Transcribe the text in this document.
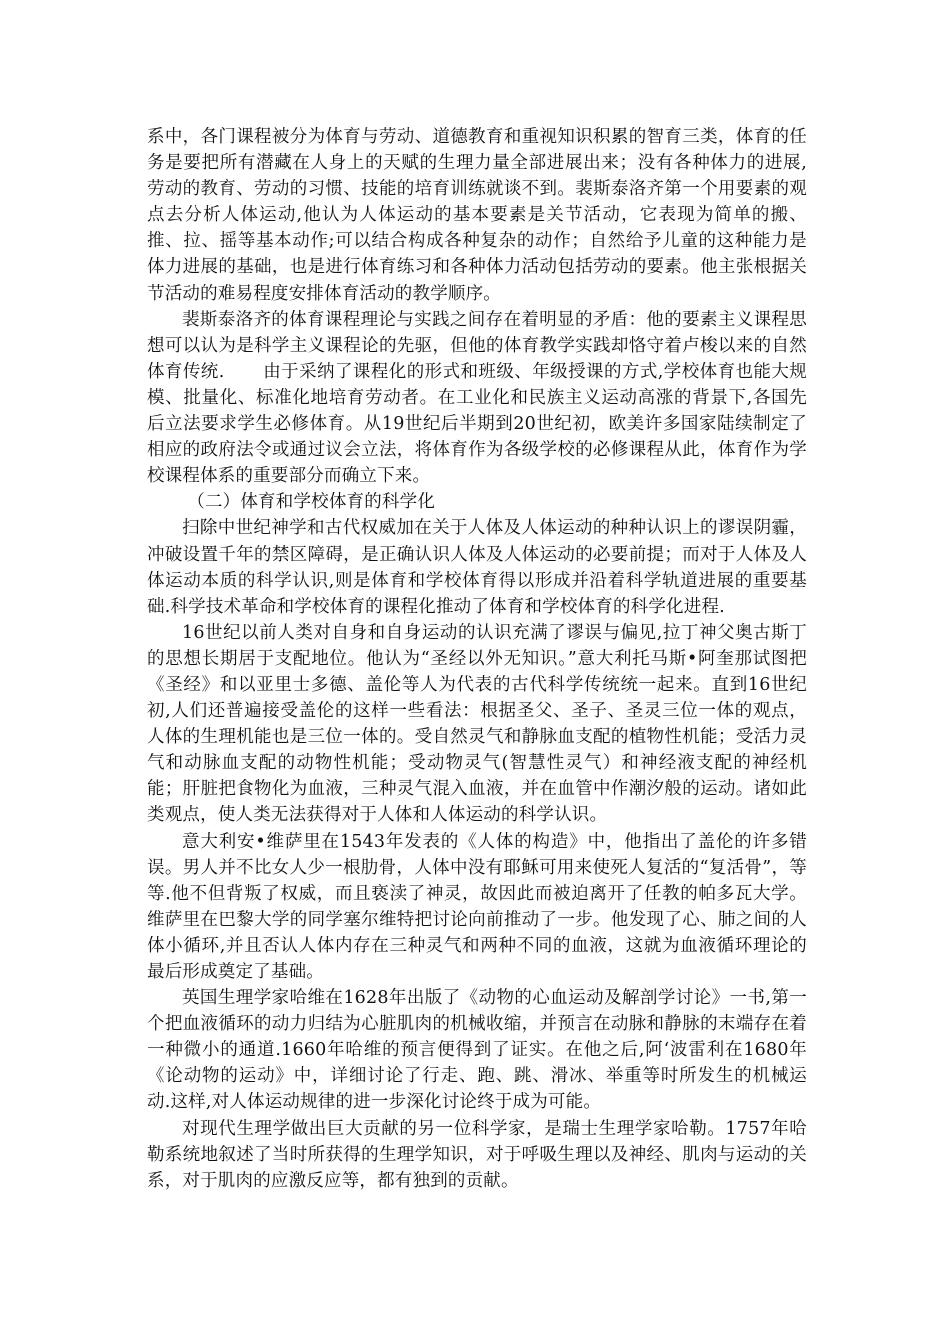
系中，各门课程被分为体育与劳动、道德教育和重视知识积累的智育三类，体育的任务是要把所有潜藏在人身上的天赋的生理力量全部进展出来；没有各种体力的进展,劳动的教育、劳动的习惯、技能的培育训练就谈不到。裴斯泰洛齐第一个用要素的观点去分析人体运动,他认为人体运动的基本要素是关节活动，它表现为简单的搬、推、拉、摇等基本动作;可以结合构成各种复杂的动作；自然给予儿童的这种能力是体力进展的基础，也是进行体育练习和各种体力活动包括劳动的要素。他主张根据关节活动的难易程度安排体育活动的教学顺序。

裴斯泰洛齐的体育课程理论与实践之间存在着明显的矛盾：他的要素主义课程思想可以认为是科学主义课程论的先驱，但他的体育教学实践却恪守着卢梭以来的自然体育传统. 由于采纳了课程化的形式和班级、年级授课的方式,学校体育也能大规模、批量化、标准化地培育劳动者。在工业化和民族主义运动高涨的背景下,各国先后立法要求学生必修体育。从19世纪后半期到20世纪初，欧美许多国家陆续制定了相应的政府法令或通过议会立法，将体育作为各级学校的必修课程从此，体育作为学校课程体系的重要部分而确立下来。

（二）体育和学校体育的科学化

扫除中世纪神学和古代权威加在关于人体及人体运动的种种认识上的谬误阴霾，冲破设置千年的禁区障碍，是正确认识人体及人体运动的必要前提；而对于人体及人体运动本质的科学认识,则是体育和学校体育得以形成并沿着科学轨道进展的重要基础.科学技术革命和学校体育的课程化推动了体育和学校体育的科学化进程.

16世纪以前人类对自身和自身运动的认识充满了谬误与偏见,拉丁神父奥古斯丁的思想长期居于支配地位。他认为“圣经以外无知识。”意大利托马斯•阿奎那试图把《圣经》和以亚里士多德、盖伦等人为代表的古代科学传统统一起来。直到16世纪初,人们还普遍接受盖伦的这样一些看法：根据圣父、圣子、圣灵三位一体的观点，人体的生理机能也是三位一体的。受自然灵气和静脉血支配的植物性机能；受活力灵气和动脉血支配的动物性机能；受动物灵气(智慧性灵气）和神经液支配的神经机能；肝脏把食物化为血液，三种灵气混入血液，并在血管中作潮汐般的运动。诸如此类观点，使人类无法获得对于人体和人体运动的科学认识。

意大利安•维萨里在1543年发表的《人体的构造》中，他指出了盖伦的许多错误。男人并不比女人少一根肋骨，人体中没有耶稣可用来使死人复活的“复活骨”，等等.他不但背叛了权威，而且亵渎了神灵，故因此而被迫离开了任教的帕多瓦大学。维萨里在巴黎大学的同学塞尔维特把讨论向前推动了一步。他发现了心、肺之间的人体小循环,并且否认人体内存在三种灵气和两种不同的血液，这就为血液循环理论的最后形成奠定了基础。

英国生理学家哈维在1628年出版了《动物的心血运动及解剖学讨论》一书,第一个把血液循环的动力归结为心脏肌肉的机械收缩，并预言在动脉和静脉的末端存在着一种微小的通道.1660年哈维的预言便得到了证实。在他之后,阿‘波雷利在1680年《论动物的运动》中，详细讨论了行走、跑、跳、滑冰、举重等时所发生的机械运动.这样,对人体运动规律的进一步深化讨论终于成为可能。

对现代生理学做出巨大贡献的另一位科学家，是瑞士生理学家哈勒。1757年哈勒系统地叙述了当时所获得的生理学知识，对于呼吸生理以及神经、肌肉与运动的关系，对于肌肉的应激反应等，都有独到的贡献。
